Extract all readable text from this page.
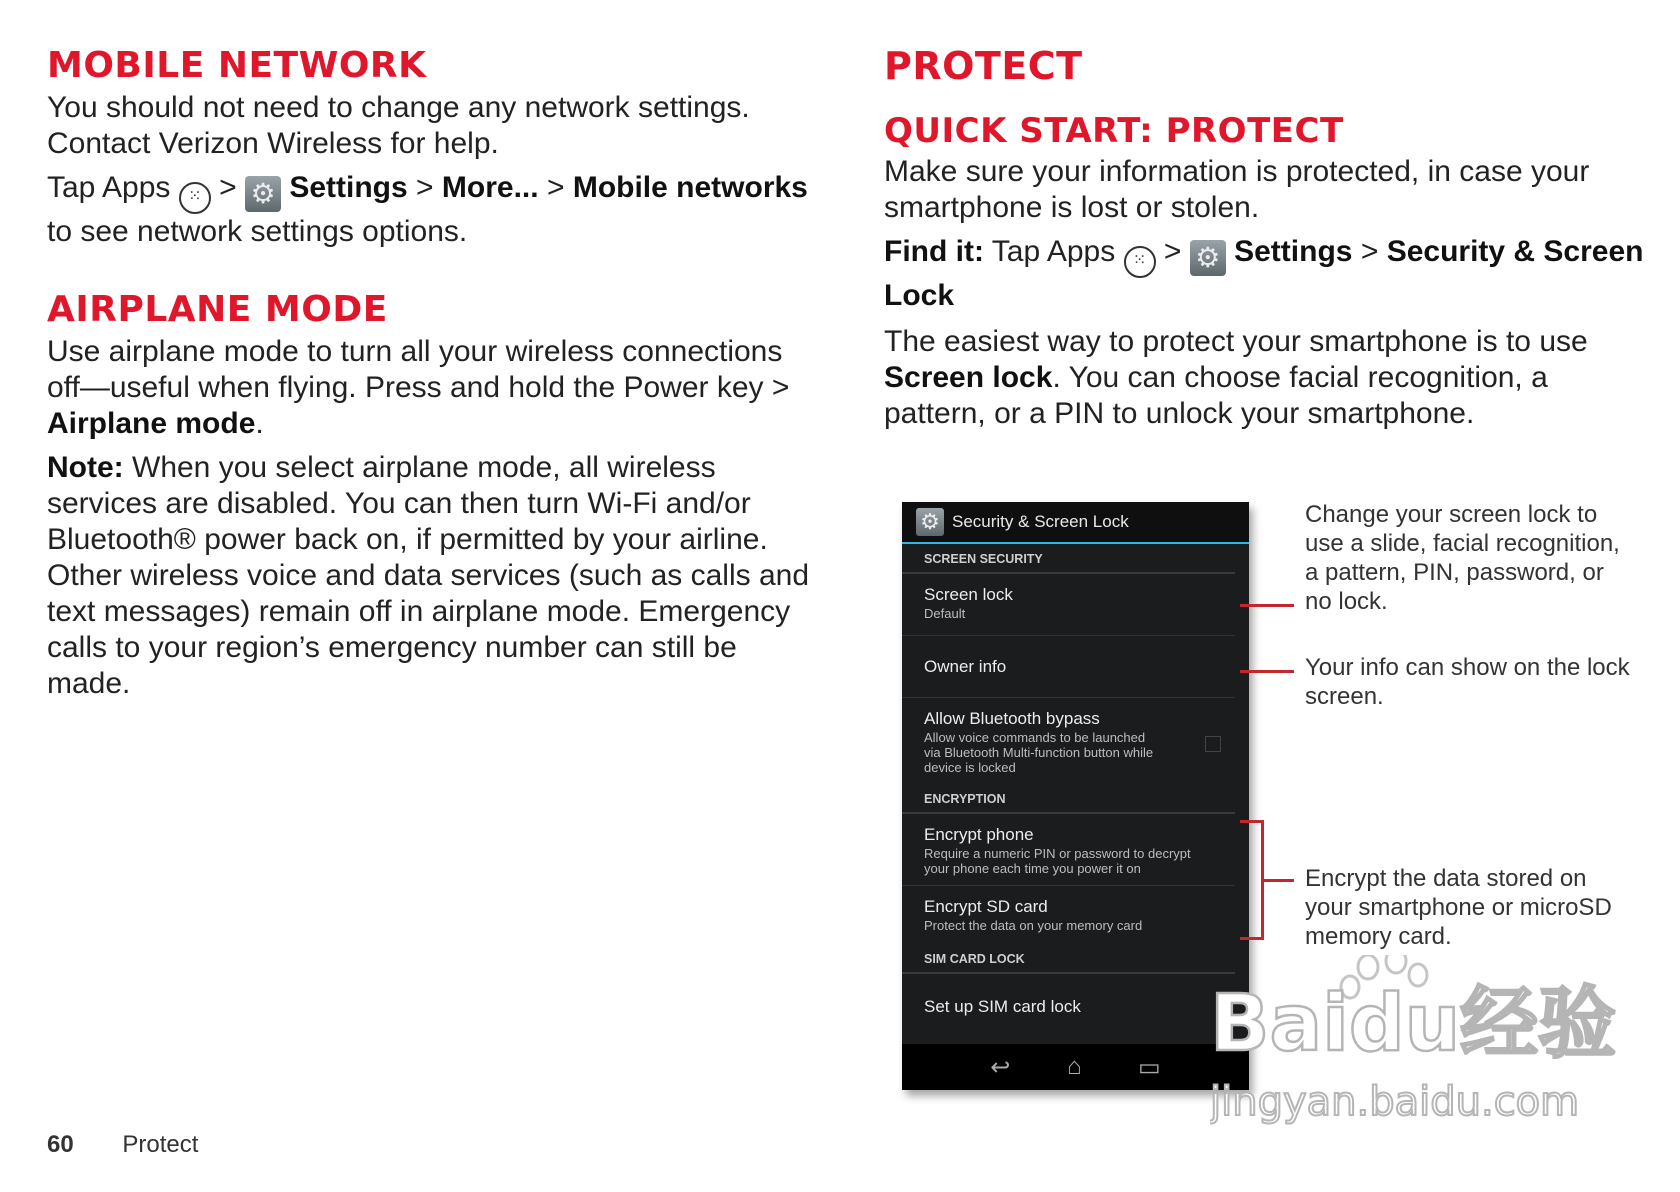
MOBILE NETWORK

You should not need to change any network settings. Contact Verizon Wireless for help.

Tap Apps ⁙ > ⚙ Settings > More... > Mobile networks to see network settings options.

AIRPLANE MODE

Use airplane mode to turn all your wireless connections off—useful when flying. Press and hold the Power key > Airplane mode.

Note: When you select airplane mode, all wireless services are disabled. You can then turn Wi-Fi and/or Bluetooth® power back on, if permitted by your airline. Other wireless voice and data services (such as calls and text messages) remain off in airplane mode. Emergency calls to your region’s emergency number can still be made.

PROTECT
QUICK START: PROTECT

Make sure your information is protected, in case your smartphone is lost or stolen.

Find it: Tap Apps ⁙ > ⚙ Settings > Security & Screen Lock

The easiest way to protect your smartphone is to use Screen lock. You can choose facial recognition, a pattern, or a PIN to unlock your smartphone.

⚙ Security & Screen Lock
SCREEN SECURITY
Screen lock
Default
Owner info
Allow Bluetooth bypass
Allow voice commands to be launched via Bluetooth Multi-function button while device is locked
ENCRYPTION
Encrypt phone
Require a numeric PIN or password to decrypt your phone each time you power it on
Encrypt SD card
Protect the data on your memory card
SIM CARD LOCK
Set up SIM card lock
↩ ⌂ ▭
Change your screen lock to use a slide, facial recognition, a pattern, PIN, password, or no lock.
Your info can show on the lock screen.
Encrypt the data stored on your smartphone or microSD memory card.
Baidu经验
jingyan.baidu.com
60 Protect
